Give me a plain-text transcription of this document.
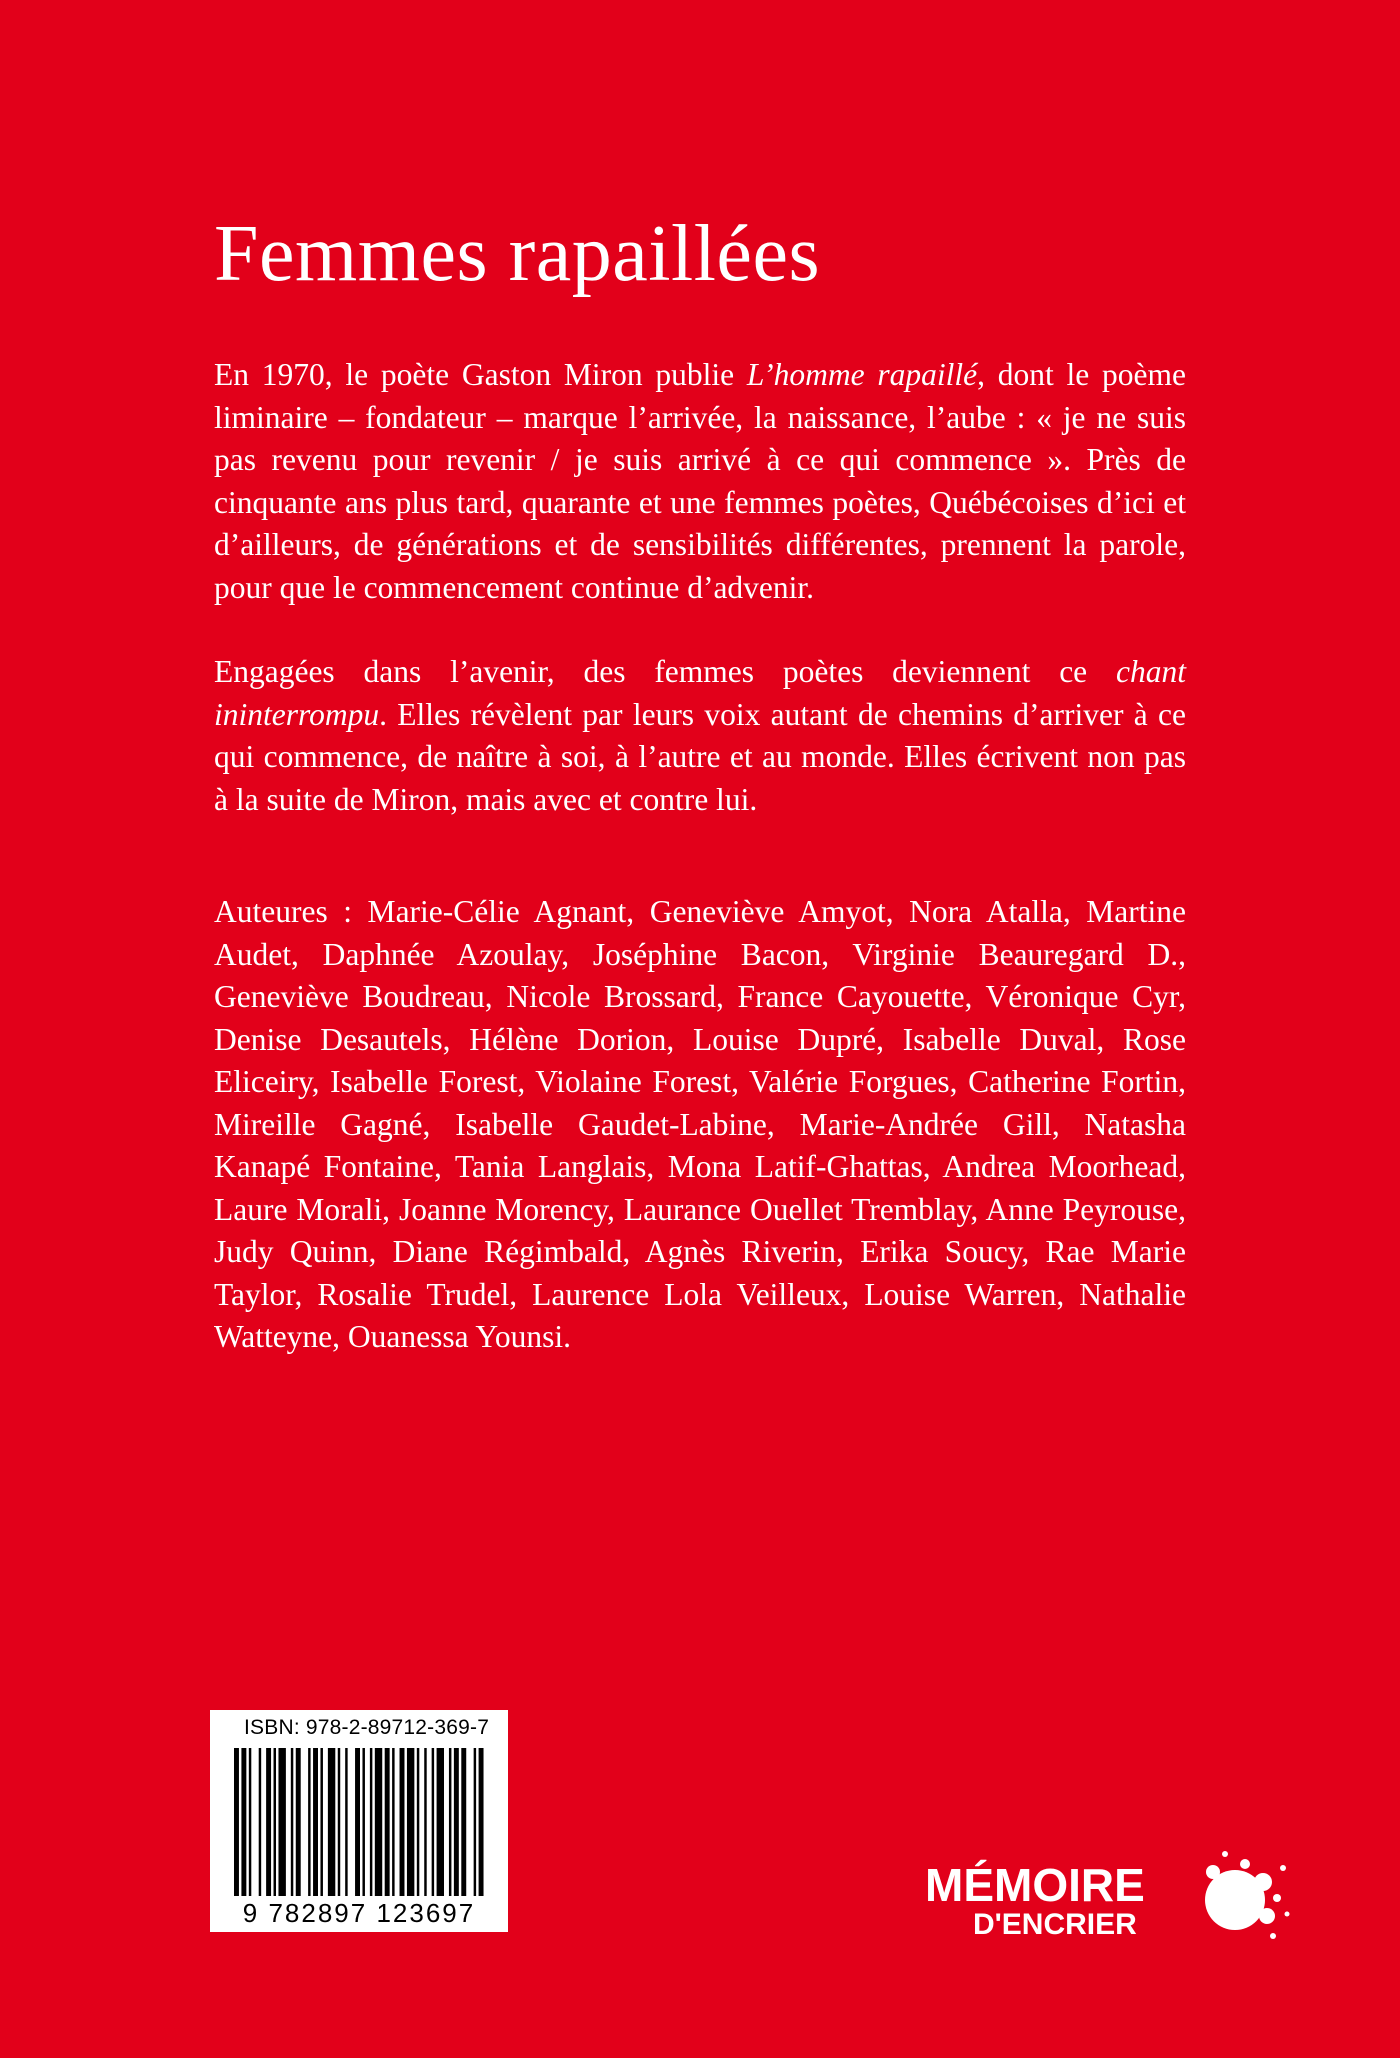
Femmes rapaillées

En 1970, le poète Gaston Miron publie L’homme rapaillé, dont le poème liminaire – fondateur – marque l’arrivée, la naissance, l’aube : « je ne suis pas revenu pour revenir / je suis arrivé à ce qui commence ». Près de cinquante ans plus tard, quarante et une femmes poètes, Québécoises d’ici et d’ailleurs, de générations et de sensibilités différentes, prennent la parole, pour que le commencement continue d’advenir.

Engagées dans l’avenir, des femmes poètes deviennent ce chant ininterrompu. Elles révèlent par leurs voix autant de chemins d’arriver à ce qui commence, de naître à soi, à l’autre et au monde. Elles écrivent non pas à la suite de Miron, mais avec et contre lui.

Auteures : Marie-Célie Agnant, Geneviève Amyot, Nora Atalla, Martine Audet, Daphnée Azoulay, Joséphine Bacon, Virginie Beauregard D., Geneviève Boudreau, Nicole Brossard, France Cayouette, Véronique Cyr, Denise Desautels, Hélène Dorion, Louise Dupré, Isabelle Duval, Rose Eliceiry, Isabelle Forest, Violaine Forest, Valérie Forgues, Catherine Fortin, Mireille Gagné, Isabelle Gaudet-Labine, Marie-Andrée Gill, Natasha Kanapé Fontaine, Tania Langlais, Mona Latif-Ghattas, Andrea Moorhead, Laure Morali, Joanne Morency, Laurance Ouellet Tremblay, Anne Peyrouse, Judy Quinn, Diane Régimbald, Agnès Riverin, Erika Soucy, Rae Marie Taylor, Rosalie Trudel, Laurence Lola Veilleux, Louise Warren, Nathalie Watteyne, Ouanessa Younsi.

ISBN: 978-2-89712-369-7
9 782897 123697
MÉMOIRE
D'ENCRIER
